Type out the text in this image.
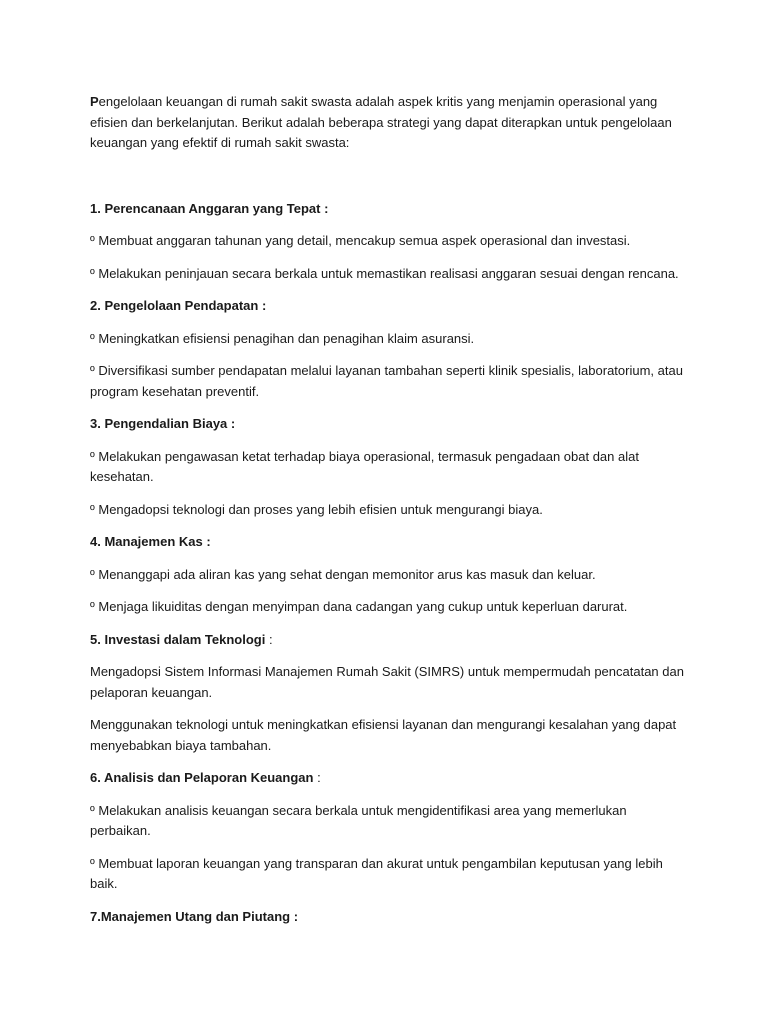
Pengelolaan keuangan di rumah sakit swasta adalah aspek kritis yang menjamin operasional yang efisien dan berkelanjutan. Berikut adalah beberapa strategi yang dapat diterapkan untuk pengelolaan keuangan yang efektif di rumah sakit swasta:

1. Perencanaan Anggaran yang Tepat :

º Membuat anggaran tahunan yang detail, mencakup semua aspek operasional dan investasi.

º Melakukan peninjauan secara berkala untuk memastikan realisasi anggaran sesuai dengan rencana.

2. Pengelolaan Pendapatan :

º Meningkatkan efisiensi penagihan dan penagihan klaim asuransi.

º Diversifikasi sumber pendapatan melalui layanan tambahan seperti klinik spesialis, laboratorium, atau program kesehatan preventif.

3. Pengendalian Biaya :

º Melakukan pengawasan ketat terhadap biaya operasional, termasuk pengadaan obat dan alat kesehatan.

º Mengadopsi teknologi dan proses yang lebih efisien untuk mengurangi biaya.

4. Manajemen Kas :

º Menanggapi ada aliran kas yang sehat dengan memonitor arus kas masuk dan keluar.

º Menjaga likuiditas dengan menyimpan dana cadangan yang cukup untuk keperluan darurat.

5. Investasi dalam Teknologi :

Mengadopsi Sistem Informasi Manajemen Rumah Sakit (SIMRS) untuk mempermudah pencatatan dan pelaporan keuangan.

Menggunakan teknologi untuk meningkatkan efisiensi layanan dan mengurangi kesalahan yang dapat menyebabkan biaya tambahan.

6. Analisis dan Pelaporan Keuangan :

º Melakukan analisis keuangan secara berkala untuk mengidentifikasi area yang memerlukan perbaikan.

º Membuat laporan keuangan yang transparan dan akurat untuk pengambilan keputusan yang lebih baik.

7.Manajemen Utang dan Piutang :
